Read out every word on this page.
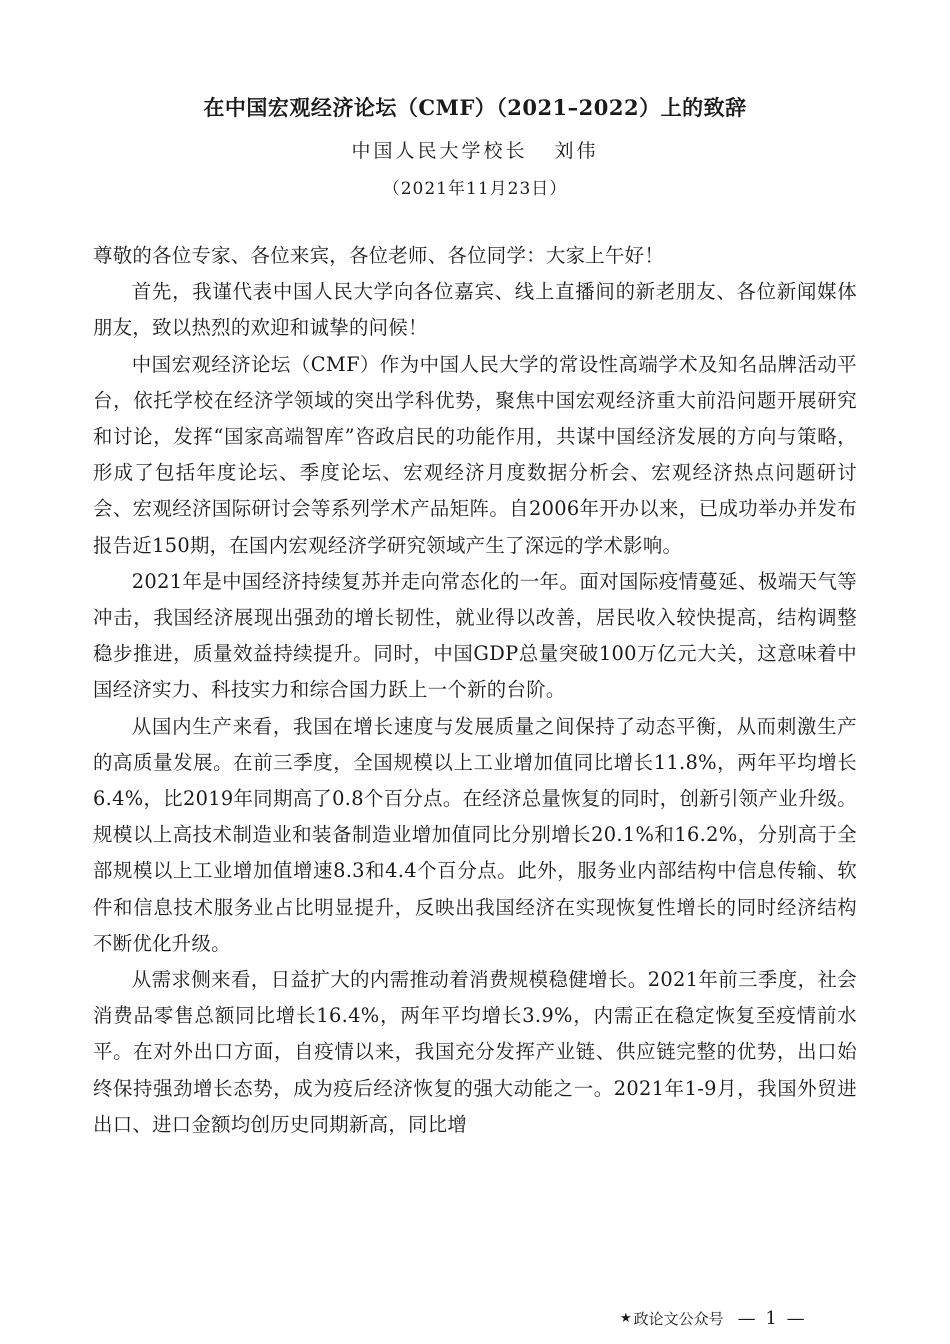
在中国宏观经济论坛（CMF）（2021–2022）上的致辞
中国人民大学校长   刘伟
（2021年11月23日）

尊敬的各位专家、各位来宾，各位老师、各位同学：大家上午好！

首先，我谨代表中国人民大学向各位嘉宾、线上直播间的新老朋友、各位新闻媒体朋友，致以热烈的欢迎和诚挚的问候！

中国宏观经济论坛（CMF）作为中国人民大学的常设性高端学术及知名品牌活动平台，依托学校在经济学领域的突出学科优势，聚焦中国宏观经济重大前沿问题开展研究和讨论，发挥“国家高端智库”咨政启民的功能作用，共谋中国经济发展的方向与策略，形成了包括年度论坛、季度论坛、宏观经济月度数据分析会、宏观经济热点问题研讨会、宏观经济国际研讨会等系列学术产品矩阵。自2006年开办以来，已成功举办并发布报告近150期，在国内宏观经济学研究领域产生了深远的学术影响。

2021年是中国经济持续复苏并走向常态化的一年。面对国际疫情蔓延、极端天气等冲击，我国经济展现出强劲的增长韧性，就业得以改善，居民收入较快提高，结构调整稳步推进，质量效益持续提升。同时，中国GDP总量突破100万亿元大关，这意味着中国经济实力、科技实力和综合国力跃上一个新的台阶。

从国内生产来看，我国在增长速度与发展质量之间保持了动态平衡，从而刺激生产的高质量发展。在前三季度，全国规模以上工业增加值同比增长11.8%，两年平均增长6.4%，比2019年同期高了0.8个百分点。在经济总量恢复的同时，创新引领产业升级。规模以上高技术制造业和装备制造业增加值同比分别增长20.1%和16.2%，分别高于全部规模以上工业增加值增速8.3和4.4个百分点。此外，服务业内部结构中信息传输、软件和信息技术服务业占比明显提升，反映出我国经济在实现恢复性增长的同时经济结构不断优化升级。

从需求侧来看，日益扩大的内需推动着消费规模稳健增长。2021年前三季度，社会消费品零售总额同比增长16.4%，两年平均增长3.9%，内需正在稳定恢复至疫情前水平。在对外出口方面，自疫情以来，我国充分发挥产业链、供应链完整的优势，出口始终保持强劲增长态势，成为疫后经济恢复的强大动能之一。2021年1-9月，我国外贸进出口、进口金额均创历史同期新高，同比增

★ 政论文公众号 — 1 —
